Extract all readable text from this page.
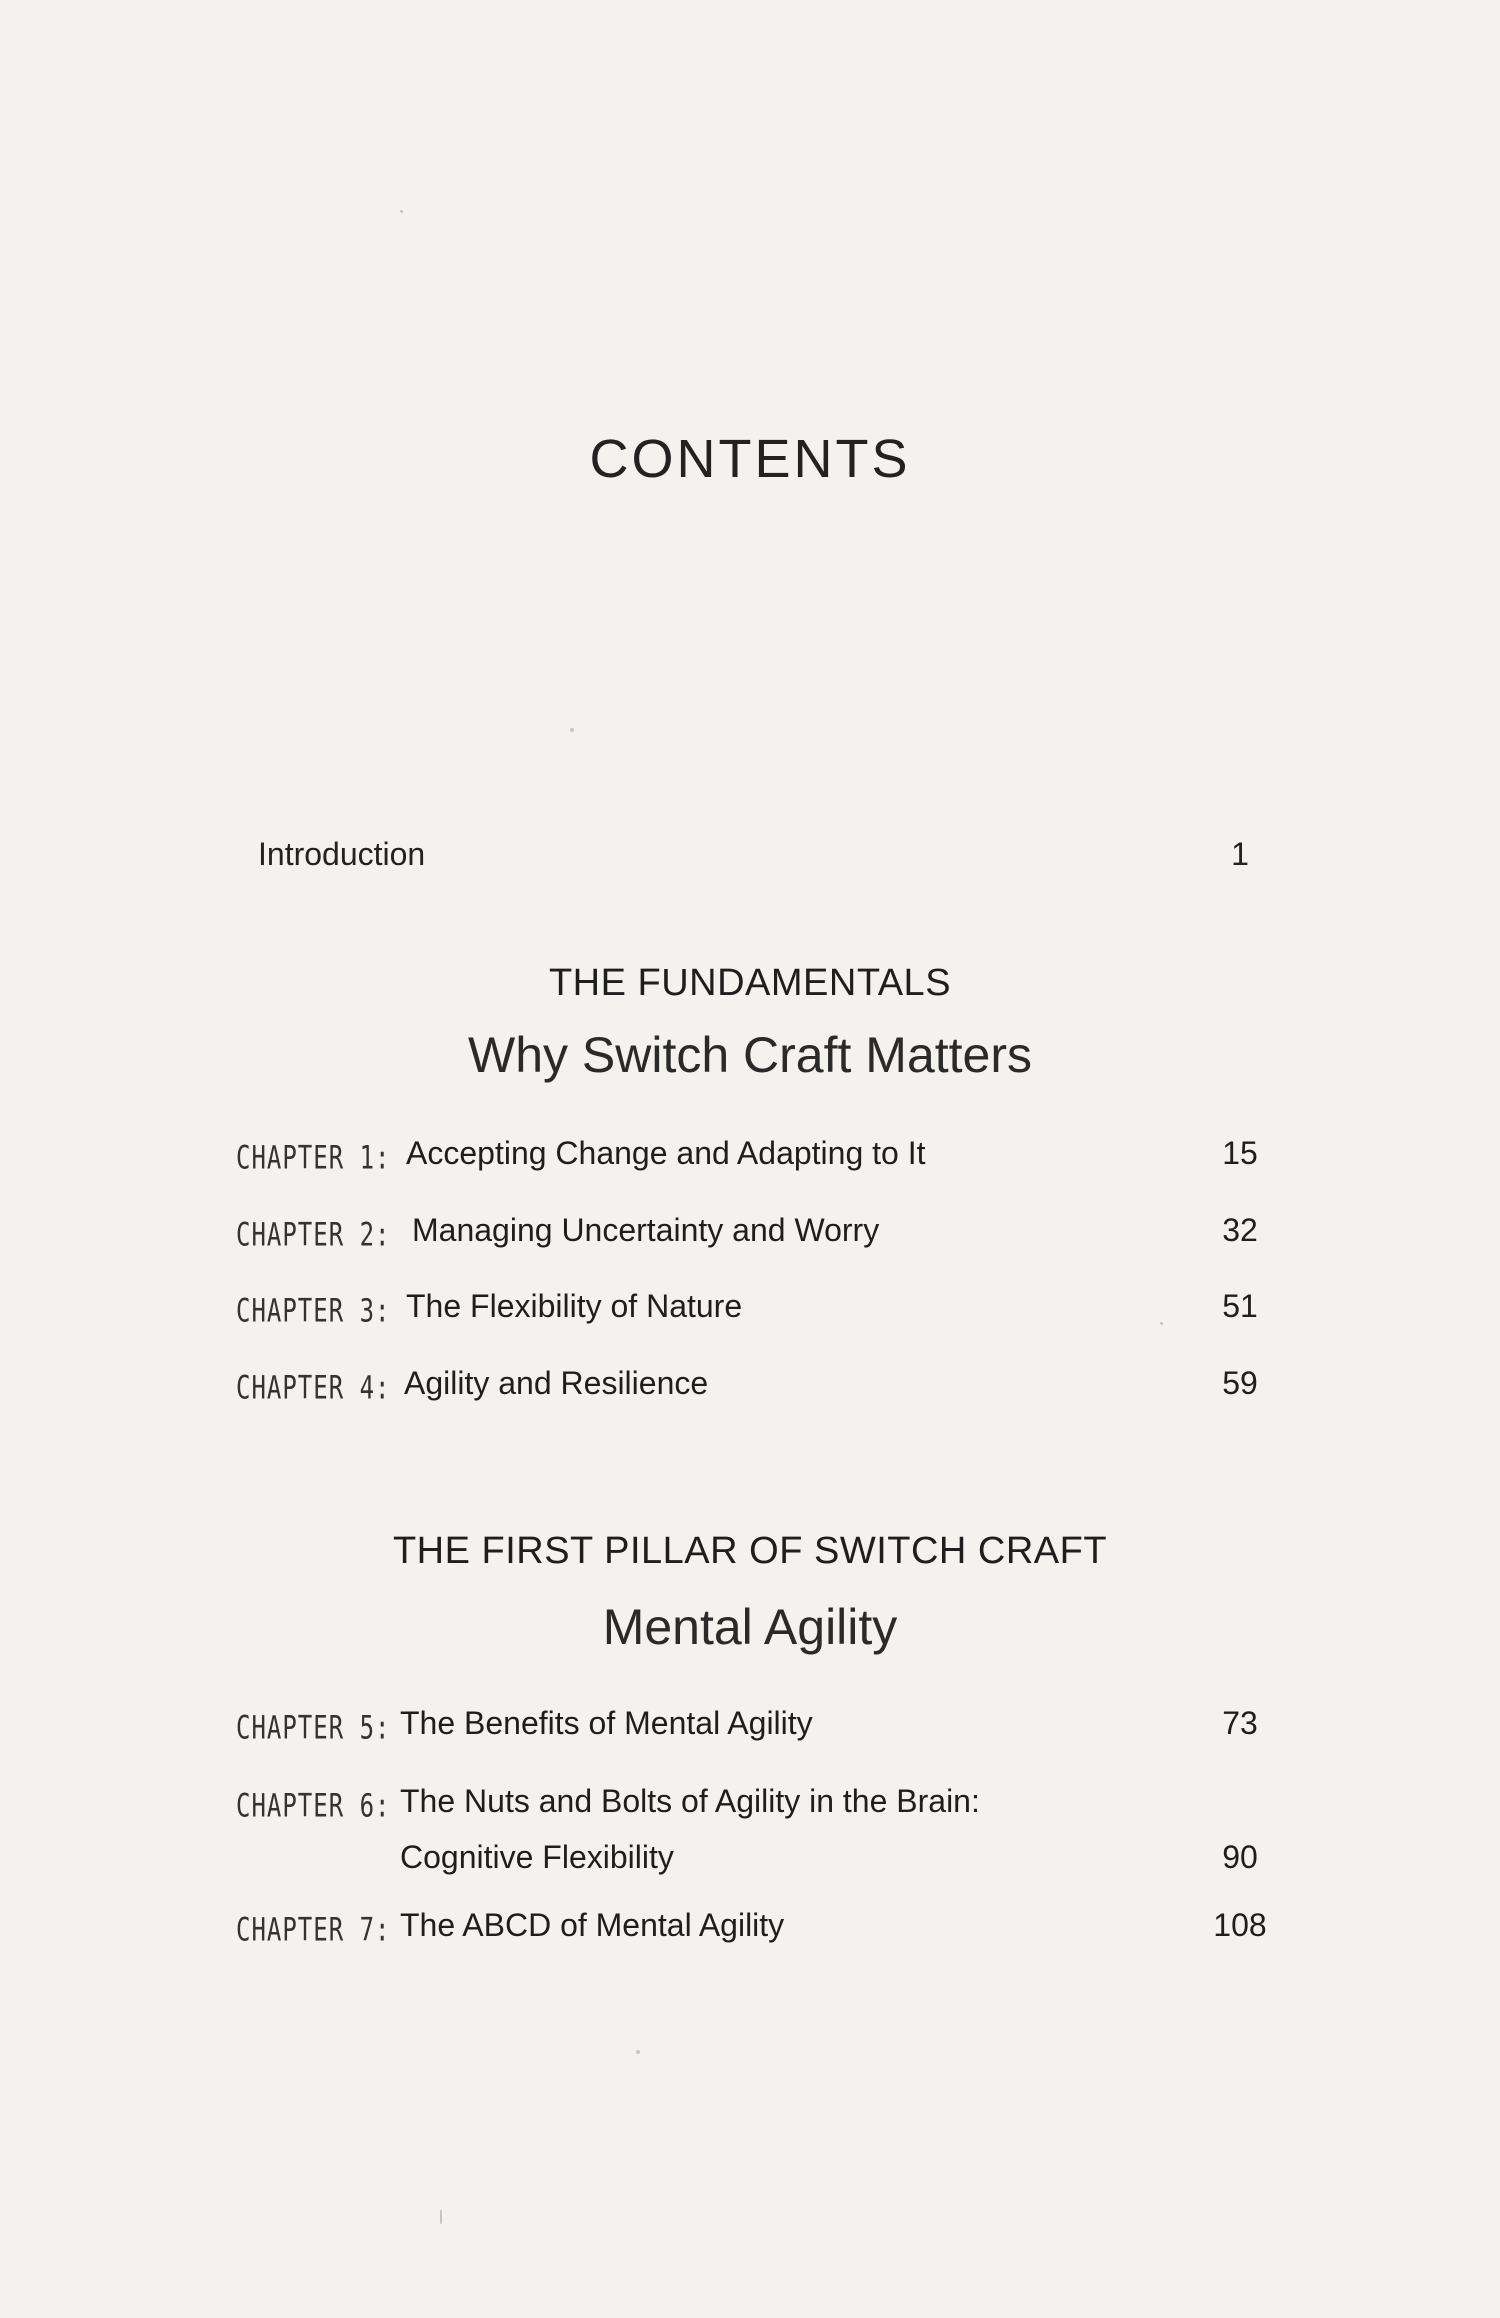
CONTENTS
Introduction	1
THE FUNDAMENTALS
Why Switch Craft Matters
CHAPTER 1: Accepting Change and Adapting to It	15
CHAPTER 2: Managing Uncertainty and Worry	32
CHAPTER 3: The Flexibility of Nature	51
CHAPTER 4: Agility and Resilience	59
THE FIRST PILLAR OF SWITCH CRAFT
Mental Agility
CHAPTER 5: The Benefits of Mental Agility	73
CHAPTER 6: The Nuts and Bolts of Agility in the Brain:
Cognitive Flexibility	90
CHAPTER 7: The ABCD of Mental Agility	108
